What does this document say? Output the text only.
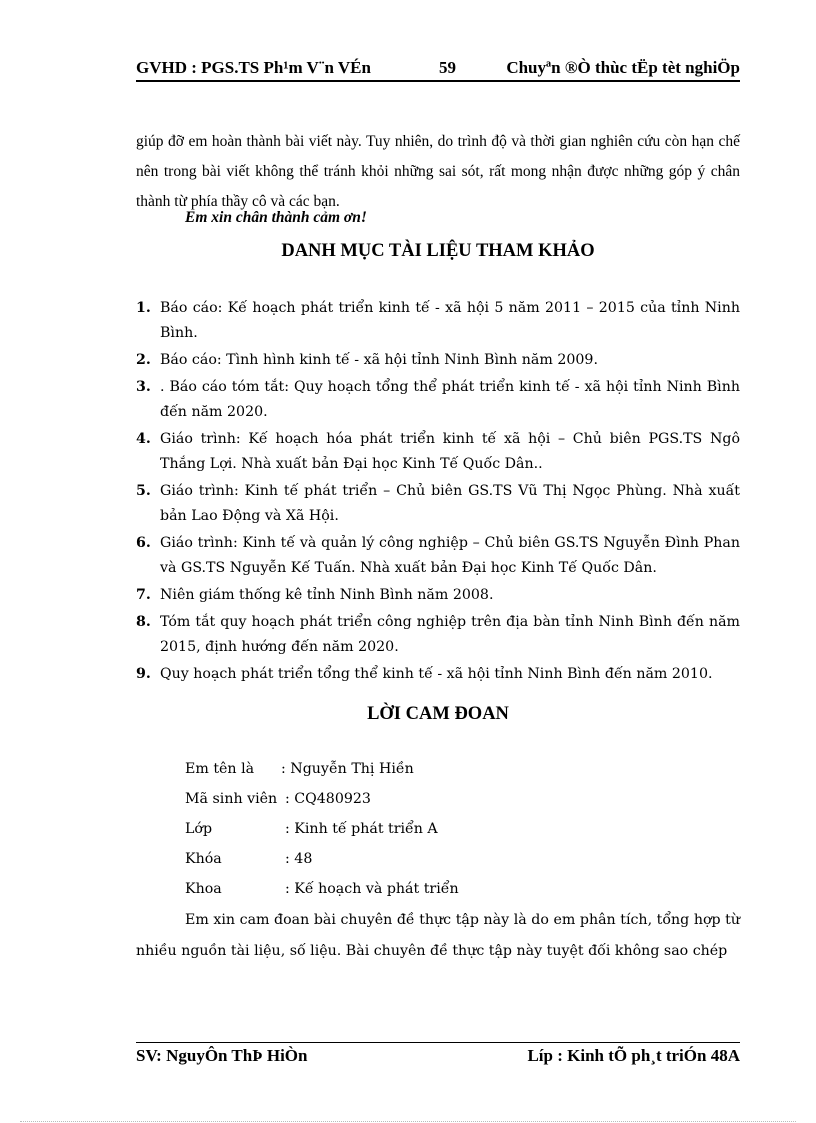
GVHD : PGS.TS Ph¹m V¨n VÉn	59	Chuyªn ®Ò thùc tËp tèt nghiÖp
giúp đỡ em hoàn thành bài viết này. Tuy nhiên, do trình độ và thời gian nghiên cứu còn hạn chế nên trong bài viết không thể tránh khỏi những sai sót, rất mong nhận được những góp ý chân thành từ phía thầy cô và các bạn.
Em xin chân thành cảm ơn!
DANH MỤC TÀI LIỆU THAM KHẢO
1. Báo cáo: Kế hoạch phát triển kinh tế - xã hội 5 năm 2011 – 2015 của tỉnh Ninh Bình.
2. Báo cáo: Tình hình kinh tế - xã hội tỉnh Ninh Bình năm 2009.
3. . Báo cáo tóm tắt: Quy hoạch tổng thể phát triển kinh tế - xã hội tỉnh Ninh Bình đến năm 2020.
4. Giáo trình: Kế hoạch hóa phát triển kinh tế xã hội – Chủ biên PGS.TS Ngô Thắng Lợi. Nhà xuất bản Đại học Kinh Tế Quốc Dân..
5. Giáo trình: Kinh tế phát triển – Chủ biên GS.TS Vũ Thị Ngọc Phùng. Nhà xuất bản Lao Động và Xã Hội.
6. Giáo trình: Kinh tế và quản lý công nghiệp – Chủ biên GS.TS Nguyễn Đình Phan và GS.TS Nguyễn Kế Tuấn. Nhà xuất bản Đại học Kinh Tế Quốc Dân.
7. Niên giám thống kê tỉnh Ninh Bình năm 2008.
8. Tóm tắt quy hoạch phát triển công nghiệp trên địa bàn tỉnh Ninh Bình đến năm 2015, định hướng đến năm 2020.
9. Quy hoạch phát triển tổng thể kinh tế - xã hội tỉnh Ninh Bình đến năm 2010.
LỜI CAM ĐOAN
Em tên là : Nguyễn Thị Hiền
Mã sinh viên : CQ480923
Lớp	: Kinh tế phát triển A
Khóa	: 48
Khoa	: Kế hoạch và phát triển
Em xin cam đoan bài chuyên đề thực tập này là do em phân tích, tổng hợp từ nhiều nguồn tài liệu, số liệu. Bài chuyên đề thực tập này tuyệt đối không sao chép
SV: NguyÔn ThÞ HiÒn	Líp : Kinh tÕ ph¸t triÓn 48A
